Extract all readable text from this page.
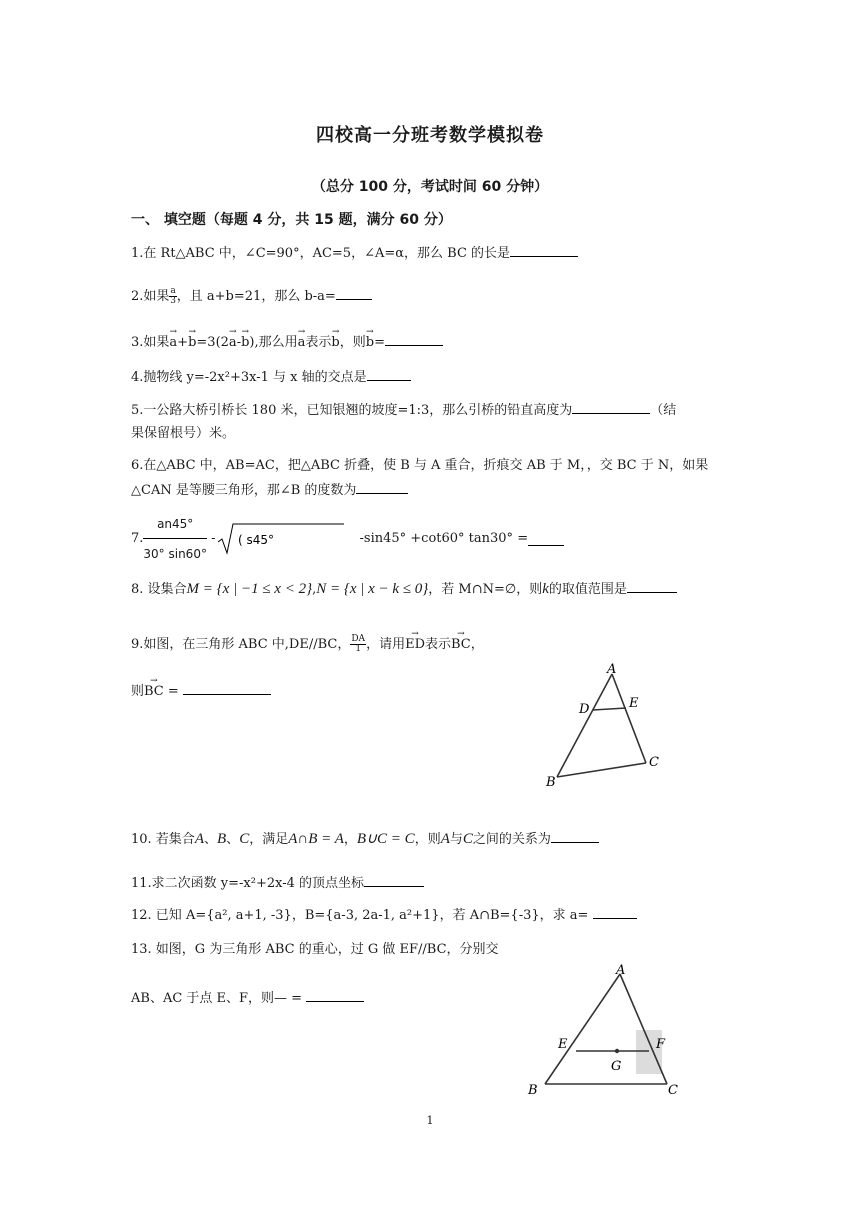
四校高一分班考数学模拟卷
（总分 100 分，考试时间 60 分钟）
一、 填空题（每题 4 分，共 15 题，满分 60 分）
1.在 Rt△ABC 中，∠C=90°，AC=5，∠A=α，那么 BC 的长是
2.如果 $\frac{a}{3}$ ，且 a+b=21，那么 b-a=
3.如果→ a+→ b=3(2→ a-→ b),那么用→ a表示→ b，则→ b=
4.抛物线 y=-2x²+3x-1 与 x 轴的交点是
5.一公路大桥引桥长 180 米，已知银翘的坡度=1:3，那么引桥的铅直高度为	（结
果保留根号）米。
6.在△ABC 中，AB=AC，把△ABC 折叠，使 B 与 A 重合，折痕交 AB 于 M，，交 BC 于 N，如果
△CAN 是等腰三角形，那∠B 的度数为
7. $\frac{an45^\circ}{30^\circ \sin 60^\circ}$ - ( s45°	-sin45° +cot60° tan30° =
8. 设集合M = {x | −1 ≤ x < 2},N = {x | x − k ≤ 0}，若 M∩N=∅，则k的取值范围是
9.如图，在三角形 ABC 中,DE//BC， $\frac{DA}{1}$ ，请用→ ED表示→ BC，
则→ BC =
A
D	E
B
C
10. 若集合A、B、C，满足A∩B = A，B∪C = C，则A与C之间的关系为
11.求二次函数 y=-x²+2x-4 的顶点坐标
12. 已知 A={a², a+1, -3}，B={a-3, 2a-1, a²+1}，若 A∩B={-3}，求 a=
13. 如图，G 为三角形 ABC 的重心，过 G 做 EF//BC，分别交
AB、AC 于点 E、F，则— =
A
E	F
G
B	C
1
